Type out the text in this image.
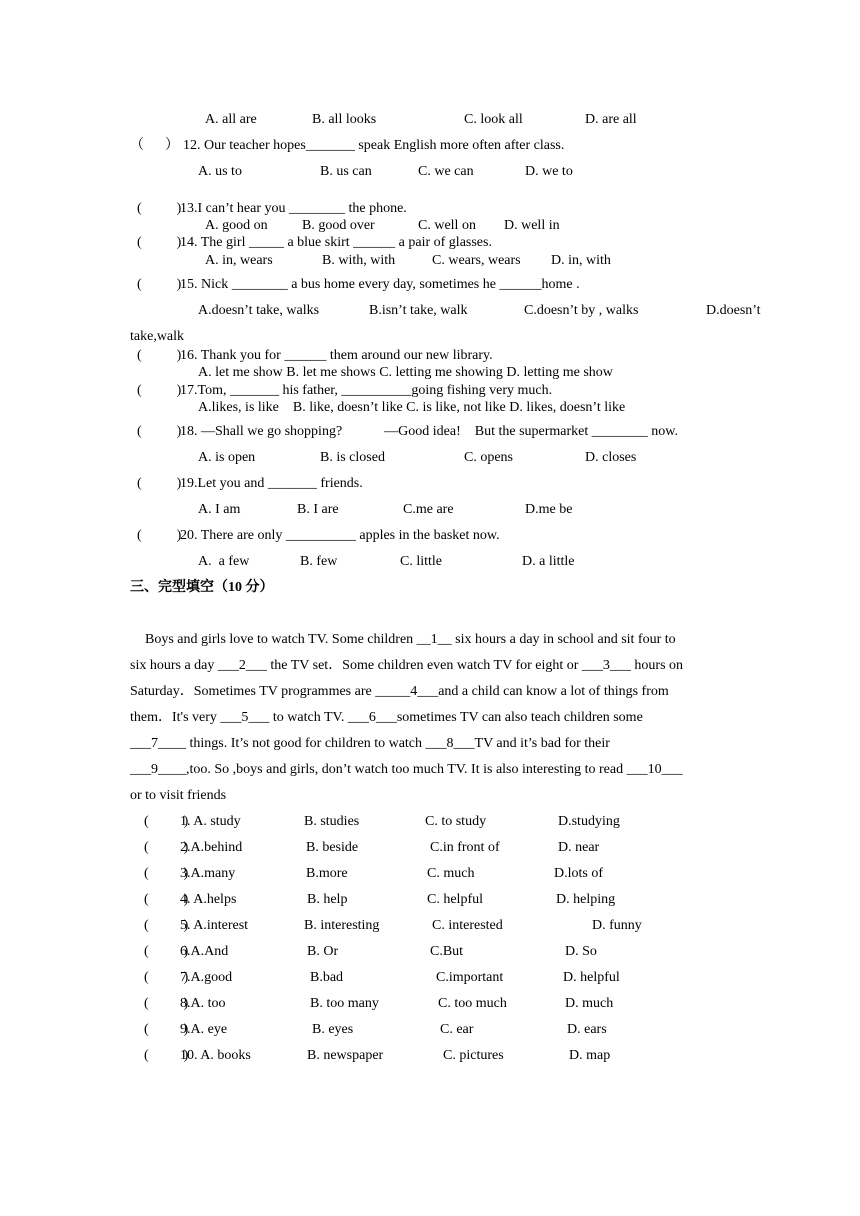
A. all are	B. all looks	C. look all	D. are all
（      ） 12. Our teacher hopes_______ speak English more often after class.
A. us to	B. us can	C. we can	D. we to
(          )
13.I can’t hear you ________ the phone.
A. good on B. good over	C. well on D. well in
(          )
14. The girl _____ a blue skirt ______ a pair of glasses.
A. in, wears	B. with, with	C. wears, wears D. in, with
(          )
15. Nick ________ a bus home every day, sometimes he ______home .
A.doesn’t take, walks	B.isn’t take, walk	C.doesn’t by , walks	D.doesn’t
take,walk
(          )
16. Thank you for ______ them around our new library.
A. let me show B. let me shows C. letting me showing D. letting me show
(          )
17.Tom, _______ his father, __________going fishing very much.
A.likes, is like    B. like, doesn’t like C. is like, not like D. likes, doesn’t like
(          )
18. —Shall we go shopping?            —Good idea!    But the supermarket ________ now.
A. is open	B. is closed	C. opens	D. closes
(          )
19.Let you and _______ friends.
A. I am	B. I are	C.me are	D.me be
(          )
20. There are only __________ apples in the basket now.
A.  a few	B. few	C. little	D. a little
三、完型填空（10 分）
Boys and girls love to watch TV. Some children __1__ six hours a day in school and sit four to
six hours a day ___2___ the TV set．Some children even watch TV for eight or ___3___ hours on
Saturday．Sometimes TV programmes are _____4___and a child can know a lot of things from
them．It's very ___5___ to watch TV. ___6___sometimes TV can also teach children some
___7____ things. It’s not good for children to watch ___8___TV and it’s bad for their
___9____,too. So ,boys and girls, don’t watch too much TV. It is also interesting to read ___10___
or to visit friends
(          )
1. A. study	B. studies	C. to study	D.studying
(          )
2.A.behind	B. beside	C.in front of	D. near
(          )
3.A.many	B.more	C. much	D.lots of
(          )
4. A.helps	B. help	C. helpful	D. helping
(          )
5. A.interest	B. interesting	C. interested	D. funny
(          )
6.A.And	B. Or	C.But	D. So
(          )
7.A.good	B.bad	C.important	D. helpful
(          )
8.A. too	B. too many	C. too much	D. much
(          )
9.A. eye	B. eyes	C. ear	D. ears
(          )
10. A. books	B. newspaper	C. pictures	D. map
